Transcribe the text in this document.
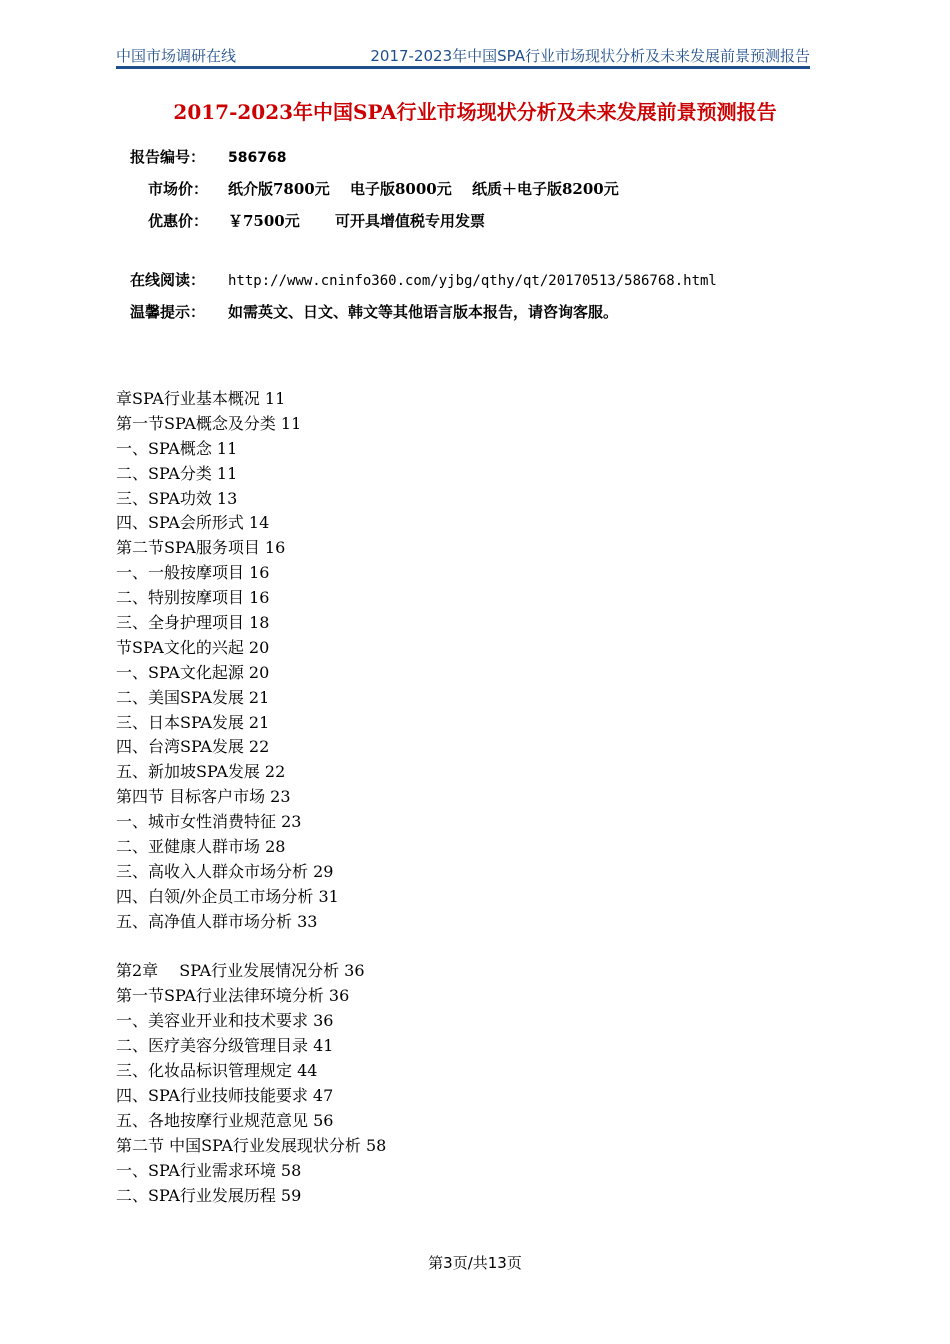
中国市场调研在线	2017-2023年中国SPA行业市场现状分析及未来发展前景预测报告
2017-2023年中国SPA行业市场现状分析及未来发展前景预测报告
报告编号： 586768
市场价： 纸介版7800元　 电子版8000元　 纸质＋电子版8200元
优惠价： ￥7500元　　 可开具增值税专用发票
在线阅读： http://www.cninfo360.com/yjbg/qthy/qt/20170513/586768.html
温馨提示： 如需英文、日文、韩文等其他语言版本报告，请咨询客服。
章SPA行业基本概况 11
第一节SPA概念及分类 11
一、SPA概念 11
二、SPA分类 11
三、SPA功效 13
四、SPA会所形式 14
第二节SPA服务项目 16
一、一般按摩项目 16
二、特别按摩项目 16
三、全身护理项目 18
节SPA文化的兴起 20
一、SPA文化起源 20
二、美国SPA发展 21
三、日本SPA发展 21
四、台湾SPA发展 22
五、新加坡SPA发展 22
第四节 目标客户市场 23
一、城市女性消费特征 23
二、亚健康人群市场 28
三、高收入人群众市场分析 29
四、白领/外企员工市场分析 31
五、高净值人群市场分析 33
第2章　 SPA行业发展情况分析 36
第一节SPA行业法律环境分析 36
一、美容业开业和技术要求 36
二、医疗美容分级管理目录 41
三、化妆品标识管理规定 44
四、SPA行业技师技能要求 47
五、各地按摩行业规范意见 56
第二节 中国SPA行业发展现状分析 58
一、SPA行业需求环境 58
二、SPA行业发展历程 59
第3页/共13页
